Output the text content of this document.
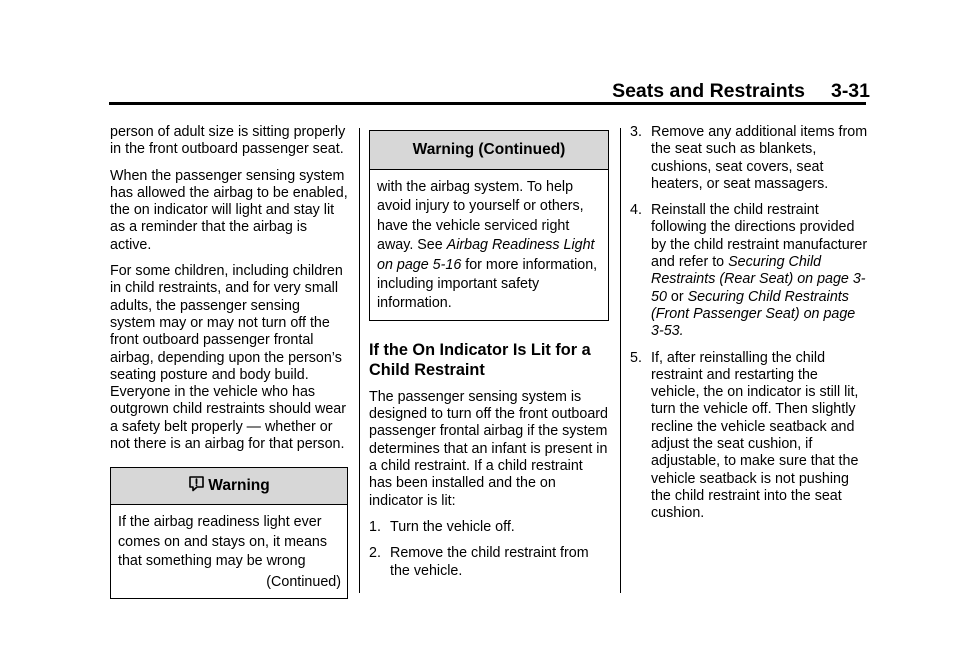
Seats and Restraints 3-31

person of adult size is sitting properly in the front outboard passenger seat.

When the passenger sensing system has allowed the airbag to be enabled, the on indicator will light and stay lit as a reminder that the airbag is active.

For some children, including children in child restraints, and for very small adults, the passenger sensing system may or may not turn off the front outboard passenger frontal airbag, depending upon the person’s seating posture and body build. Everyone in the vehicle who has outgrown child restraints should wear a safety belt properly — whether or not there is an airbag for that person.

Warning
If the airbag readiness light ever comes on and stays on, it means that something may be wrong
(Continued)
Warning (Continued)
with the airbag system. To help avoid injury to yourself or others, have the vehicle serviced right away. See Airbag Readiness Light on page 5-16 for more information, including important safety information.
If the On Indicator Is Lit for a Child Restraint

The passenger sensing system is designed to turn off the front outboard passenger frontal airbag if the system determines that an infant is present in a child restraint. If a child restraint has been installed and the on indicator is lit:

1. Turn the vehicle off.
2. Remove the child restraint from the vehicle.
3. Remove any additional items from the seat such as blankets, cushions, seat covers, seat heaters, or seat massagers.
4. Reinstall the child restraint following the directions provided by the child restraint manufacturer and refer to Securing Child Restraints (Rear Seat) on page 3-50 or Securing Child Restraints (Front Passenger Seat) on page 3-53.
5. If, after reinstalling the child restraint and restarting the vehicle, the on indicator is still lit, turn the vehicle off. Then slightly recline the vehicle seatback and adjust the seat cushion, if adjustable, to make sure that the vehicle seatback is not pushing the child restraint into the seat cushion.
